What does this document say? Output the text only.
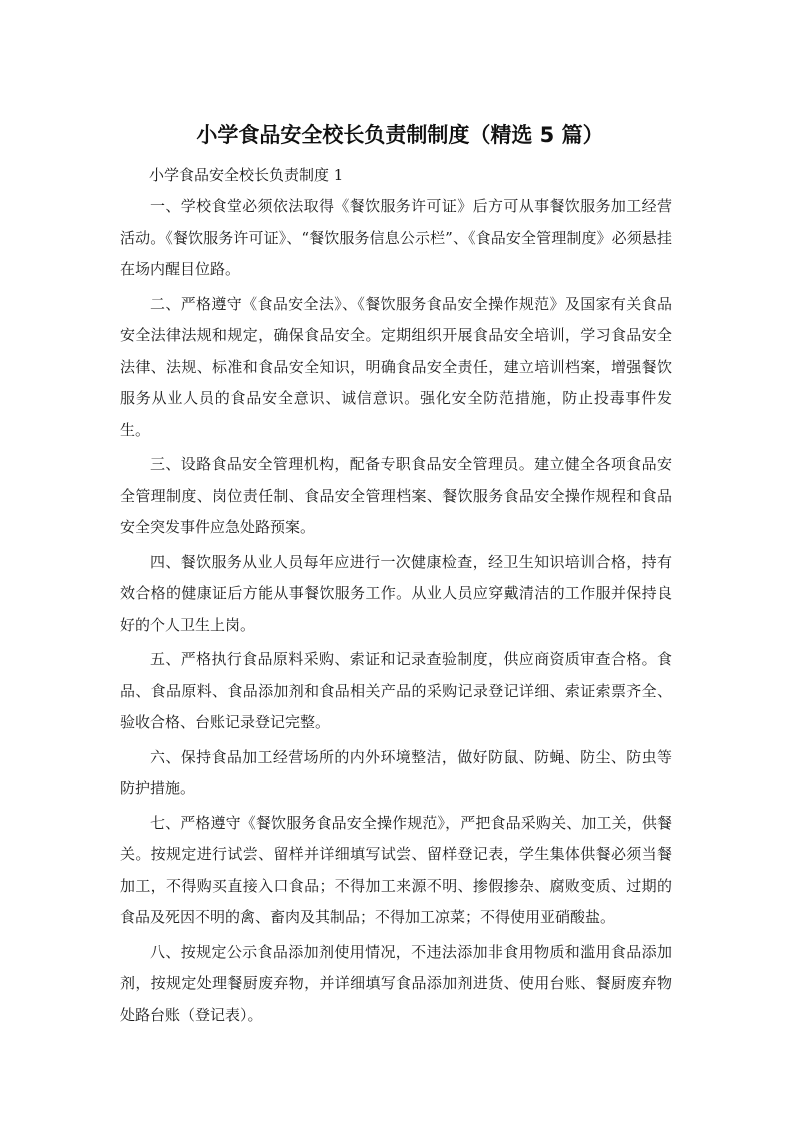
小学食品安全校长负责制制度（精选 5 篇）
小学食品安全校长负责制度 1

一、学校食堂必须依法取得《餐饮服务许可证》后方可从事餐饮服务加工经营活动。《餐饮服务许可证》、“餐饮服务信息公示栏”、《食品安全管理制度》必须悬挂在场内醒目位路。

二、严格遵守《食品安全法》、《餐饮服务食品安全操作规范》及国家有关食品安全法律法规和规定，确保食品安全。定期组织开展食品安全培训，学习食品安全法律、法规、标准和食品安全知识，明确食品安全责任，建立培训档案，增强餐饮服务从业人员的食品安全意识、诚信意识。强化安全防范措施，防止投毒事件发生。

三、设路食品安全管理机构，配备专职食品安全管理员。建立健全各项食品安全管理制度、岗位责任制、食品安全管理档案、餐饮服务食品安全操作规程和食品安全突发事件应急处路预案。

四、餐饮服务从业人员每年应进行一次健康检查，经卫生知识培训合格，持有效合格的健康证后方能从事餐饮服务工作。从业人员应穿戴清洁的工作服并保持良好的个人卫生上岗。

五、严格执行食品原料采购、索证和记录查验制度，供应商资质审查合格。食品、食品原料、食品添加剂和食品相关产品的采购记录登记详细、索证索票齐全、验收合格、台账记录登记完整。

六、保持食品加工经营场所的内外环境整洁，做好防鼠、防蝇、防尘、防虫等防护措施。

七、严格遵守《餐饮服务食品安全操作规范》，严把食品采购关、加工关，供餐关。按规定进行试尝、留样并详细填写试尝、留样登记表，学生集体供餐必须当餐加工，不得购买直接入口食品；不得加工来源不明、掺假掺杂、腐败变质、过期的食品及死因不明的禽、畜肉及其制品；不得加工凉菜；不得使用亚硝酸盐。

八、按规定公示食品添加剂使用情况，不违法添加非食用物质和滥用食品添加剂，按规定处理餐厨废弃物，并详细填写食品添加剂进货、使用台账、餐厨废弃物处路台账（登记表）。
